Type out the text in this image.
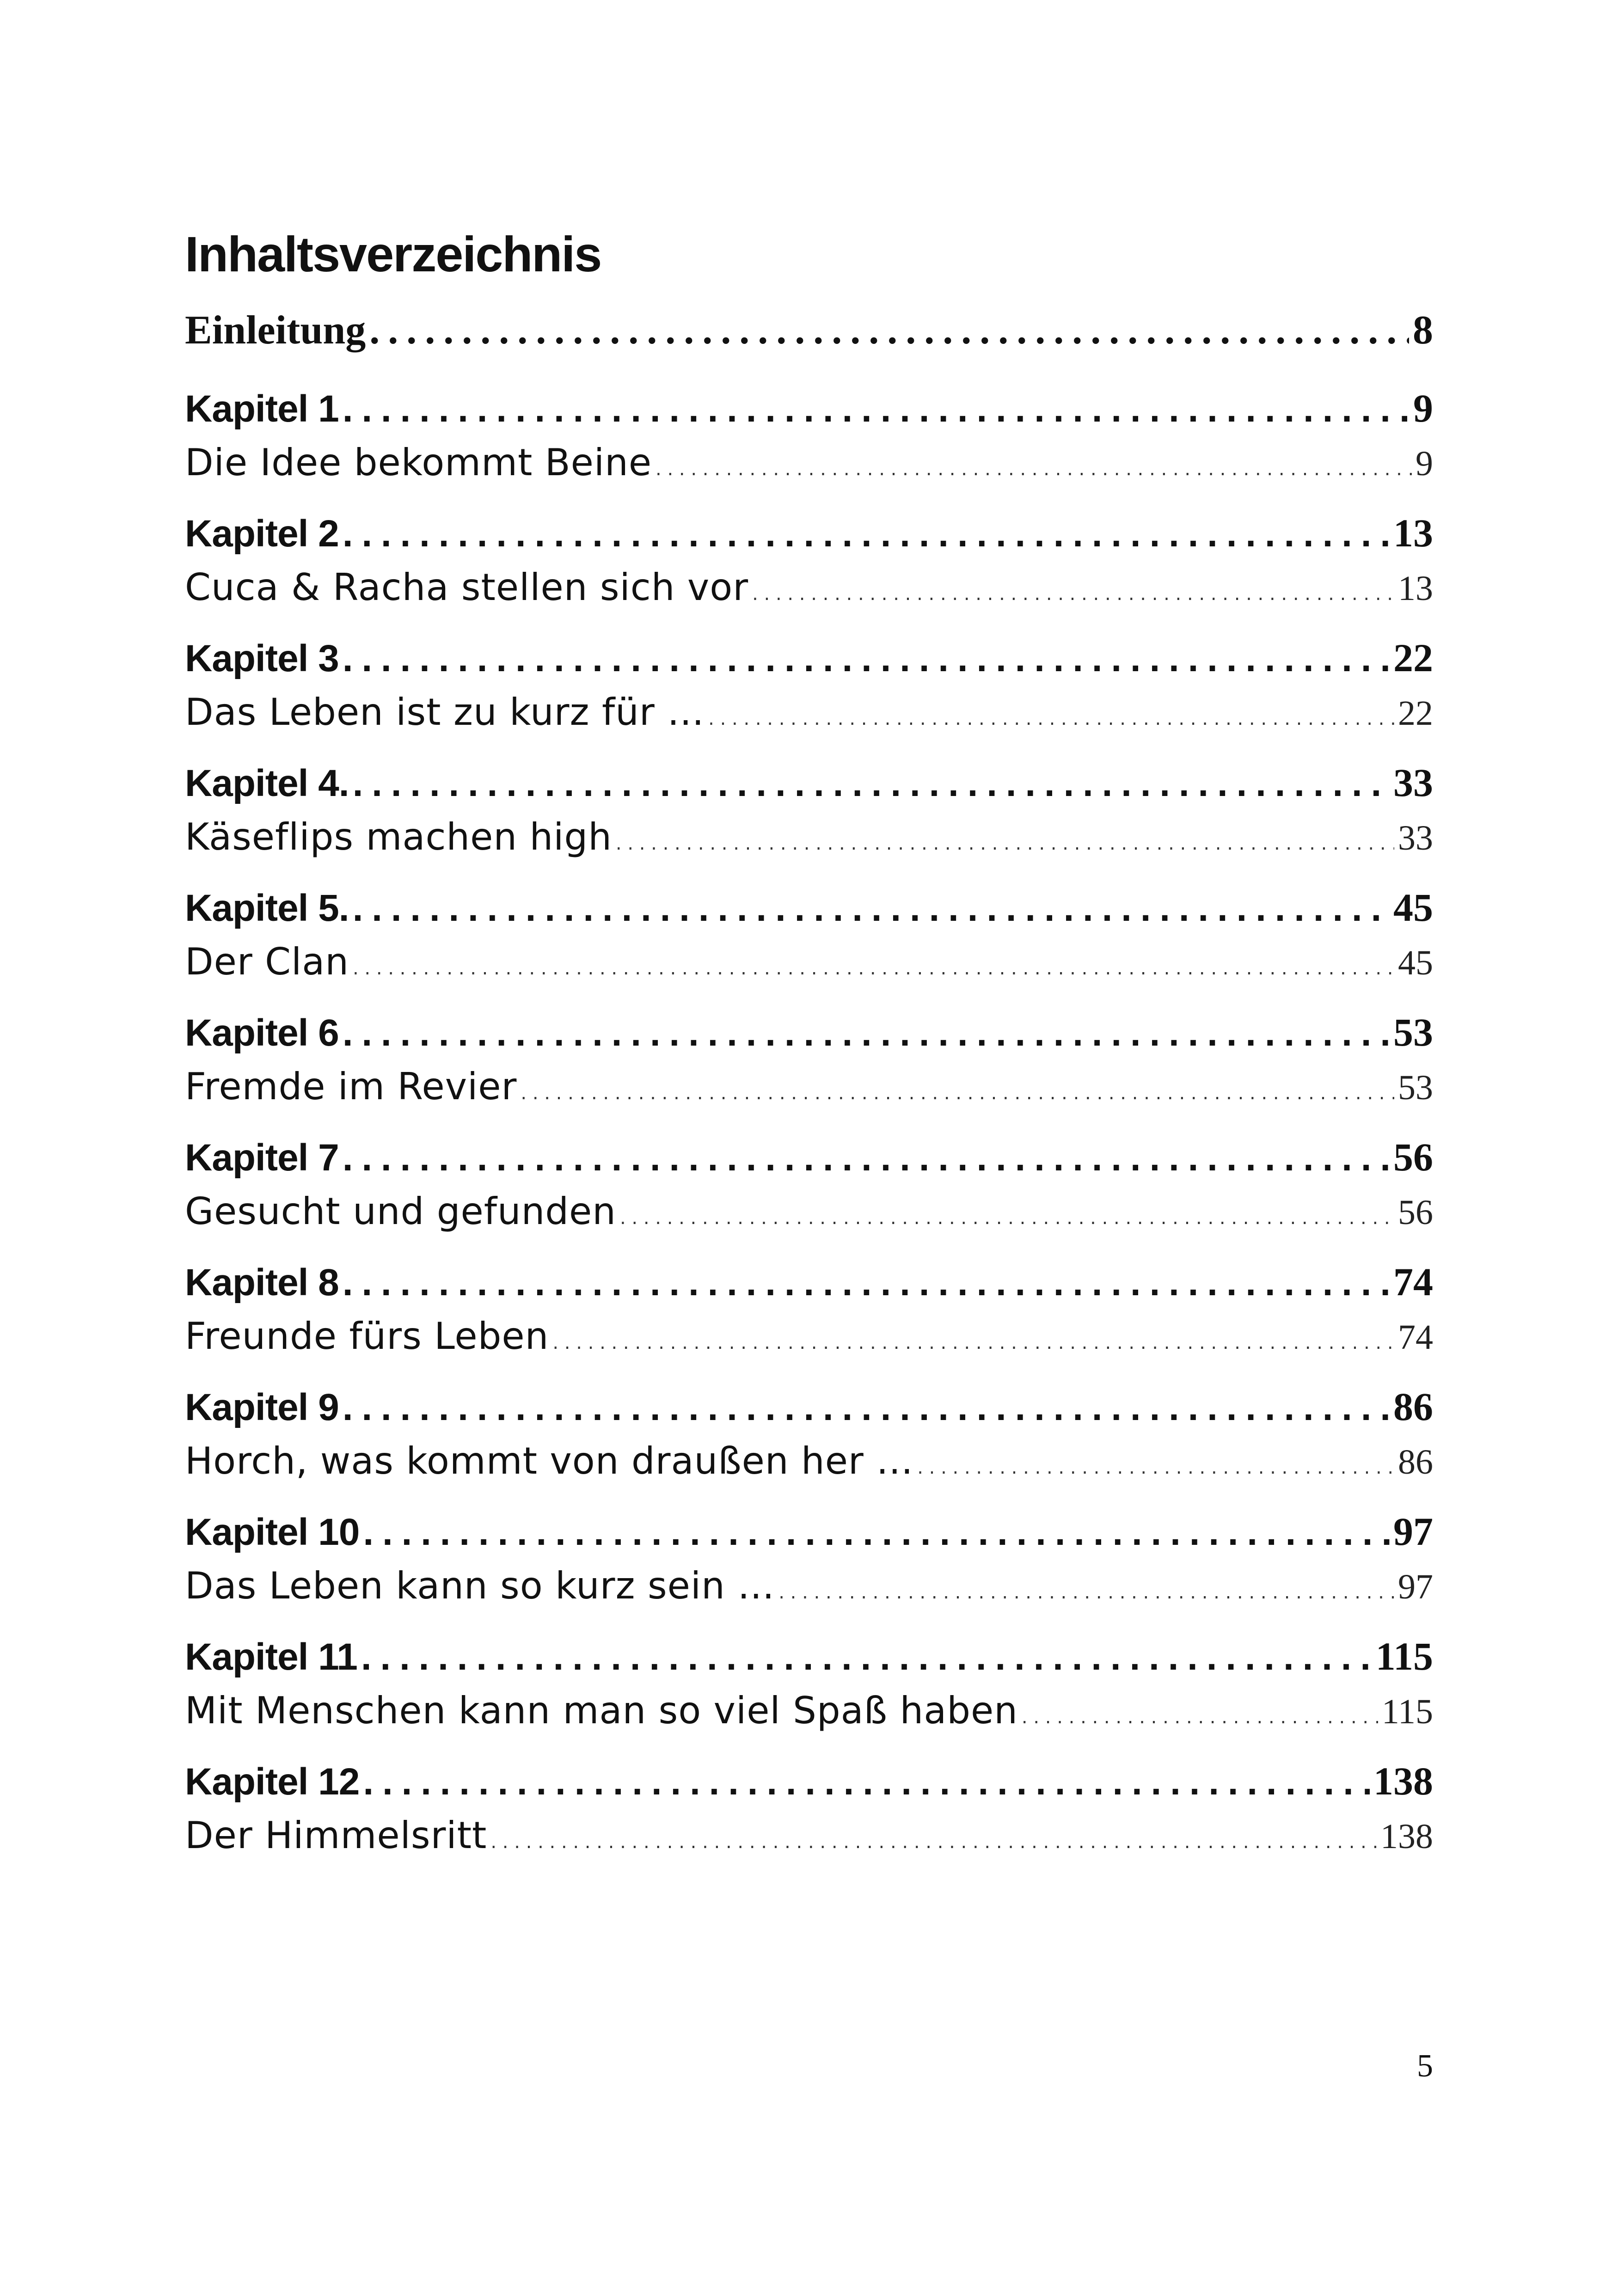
Inhaltsverzeichnis
Einleitung . . .	8
Kapitel 1 . . .	9
Die Idee bekommt Beine . . .	9
Kapitel 2 . . .	13
Cuca & Racha stellen sich vor . . .	13
Kapitel 3 . . .	22
Das Leben ist zu kurz für … . . .	22
Kapitel 4. . . .	33
Käseflips machen high . . .	33
Kapitel 5. . . .	45
Der Clan . . .	45
Kapitel 6 . . .	53
Fremde im Revier . . .	53
Kapitel 7 . . .	56
Gesucht und gefunden . . .	56
Kapitel 8 . . .	74
Freunde fürs Leben . . .	74
Kapitel 9 . . .	86
Horch, was kommt von draußen her … . . .	86
Kapitel 10 . . .	97
Das Leben kann so kurz sein … . . .	97
Kapitel 11 . . .	115
Mit Menschen kann man so viel Spaß haben . . .	115
Kapitel 12 . . .	138
Der Himmelsritt . . .	138
5
